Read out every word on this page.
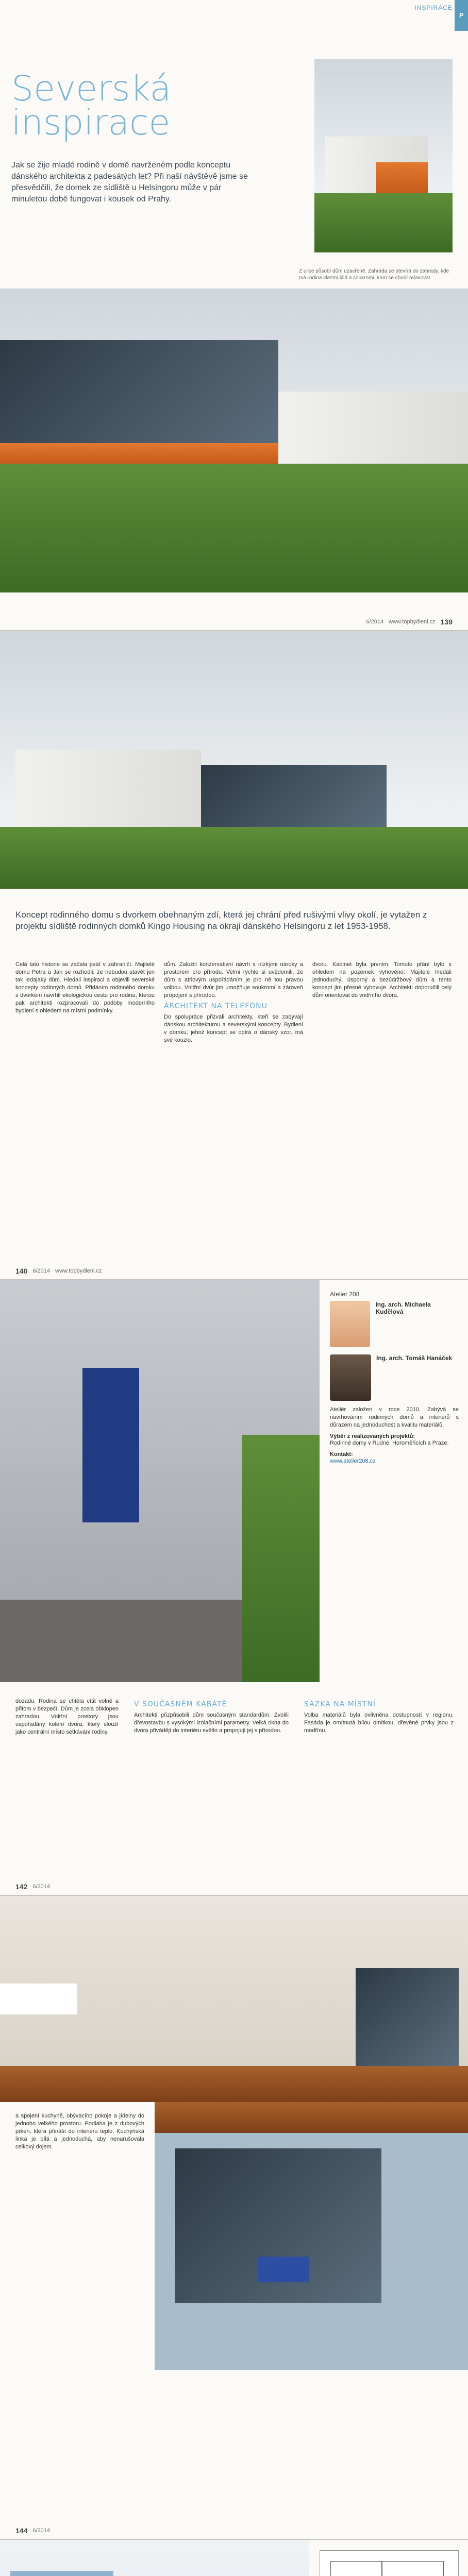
P
INSPIRACE
Severská
inspirace
Jak se žije mladé rodině v domě navrženém podle konceptu dánského architekta z padesátých let? Při naší návštěvě jsme se přesvědčili, že domek ze sídliště u Helsingoru může v pár minuletou době fungovat i kousek od Prahy.
Z ulice působí dům uzavřeně. Zahrada se otevírá do zahrady, kde má rodina vlastní klid a soukromí, kam se chodí relaxovat.
6/2014 www.topbydleni.cz 139
Koncept rodinného domu s dvorkem obehnaným zdí, která jej chrání před rušivými vlivy okolí, je vytažen z projektu sídliště rodinných domků Kingo Housing na okraji dánského Helsingoru z let 1953-1958.
Celá tato historie se začala psát v zahraničí. Majitelé domu Petra a Jan se rozhodli, že nebudou stavět jen tak ledajaký dům. Hledali inspiraci a objevili severské koncepty rodinných domů. Přidáním rodinného domku s dvorkem navrhli ekologickou cestu pro rodinu, kterou pak architekti rozpracovali do podoby moderního bydlení s ohledem na místní podmínky.
dům. Založili konzervativní návrh s nízkými nároky a prostorem pro přírodu. Velmi rychle si uvědomili, že dům s atriovým uspořádáním je pro ně tou pravou volbou. Vnitřní dvůr jim umožňuje soukromí a zároveň propojení s přírodou.
ARCHITEKT NA TELEFONU
Do spolupráce přizvali architekty, kteří se zabývají dánskou architekturou a severskými koncepty. Bydlení v domku, jehož koncept se opírá o dánský vzor, má své kouzlo.
dvoru. Kabinet byla prvním. Tomuto přání bylo s ohledem na pozemek vyhověno. Majitelé hledali jednoduchý, úsporný a bezúdržbový dům a tento koncept jim přesně vyhovuje. Architekti doporučili celý dům orientovat do vnitřního dvora.
140 6/2014 www.topbydleni.cz
Atelier 208
Ing. arch. Michaela Kudělová
Ing. arch. Tomáš Hanáček
Ateliér založen v roce 2010. Zabývá se navrhováním rodinných domů a interiérů s důrazem na jednoduchost a kvalitu materiálů.
Výběr z realizovaných projektů:
Rodinné domy v Rudné, Horoměřicích a Praze.
Kontakt:
www.atelier208.cz
dozadu. Rodina se chtěla cítit volně a přitom v bezpečí. Dům je zcela obklopen zahradou. Vnitřní prostory jsou uspořádány kolem dvora, který slouží jako centrální místo setkávání rodiny.
V SOUČASNÉM KABÁTĚ
Architekti přizpůsobili dům současným standardům. Zvolili dřevostavbu s vysokými izolačními parametry. Velká okna do dvora přivádějí do interiéru světlo a propojují jej s přírodou.
SÁZKA NA MÍSTNÍ
Volba materiálů byla ovlivněna dostupností v regionu. Fasáda je omítnutá bílou omítkou, dřevěné prvky jsou z modřínu.
142 6/2014
a spojení kuchyně, obývacího pokoje a jídelny do jednoho velkého prostoru. Podlaha je z dubových prken, která přináší do interiéru teplo. Kuchyňská linka je bílá a jednoduchá, aby nenarušovala celkový dojem.
144 6/2014
